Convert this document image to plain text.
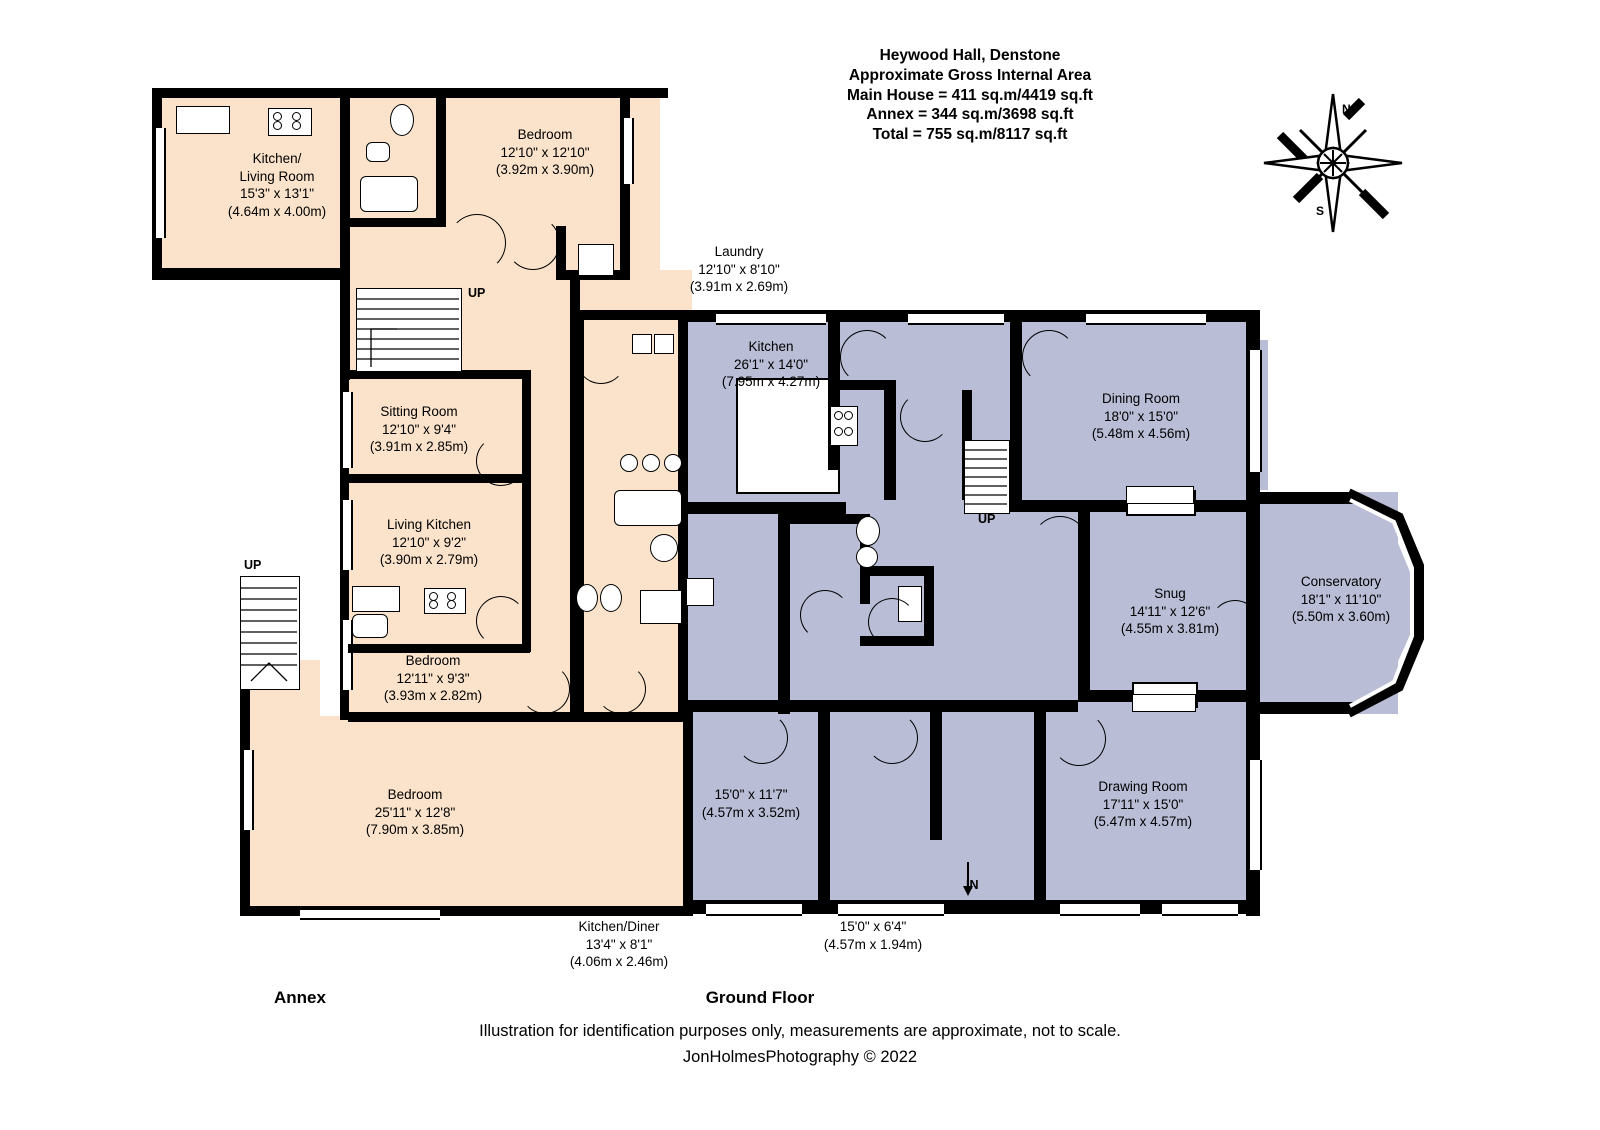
Heywood Hall, Denstone
Approximate Gross Internal Area
Main House = 411 sq.m/4419 sq.ft
Annex = 344 sq.m/3698 sq.ft
Total = 755 sq.m/8117 sq.ft
N
S
UP
UP
UP
IN
Kitchen/
Living Room
15'3" x 13'1"
(4.64m x 4.00m)
Bedroom
12'10" x 12'10"
(3.92m x 3.90m)
Sitting Room
12'10" x 9'4"
(3.91m x 2.85m)
Living Kitchen
12'10" x 9'2"
(3.90m x 2.79m)
Bedroom
12'11" x 9'3"
(3.93m x 2.82m)
Bedroom
25'11" x 12'8"
(7.90m x 3.85m)
Kitchen/Diner
13'4" x 8'1"
(4.06m x 2.46m)
Laundry
12'10" x 8'10"
(3.91m x 2.69m)
Kitchen
26'1" x 14'0"
(7.95m x 4.27m)
Dining Room
18'0" x 15'0"
(5.48m x 4.56m)
Snug
14'11" x 12'6"
(4.55m x 3.81m)
Conservatory
18'1" x 11'10"
(5.50m x 3.60m)
Drawing Room
17'11" x 15'0"
(5.47m x 4.57m)
15'0" x 11'7"
(4.57m x 3.52m)
15'0" x 6'4"
(4.57m x 1.94m)
Annex	Ground Floor
Illustration for identification purposes only, measurements are approximate, not to scale.
JonHolmesPhotography © 2022
